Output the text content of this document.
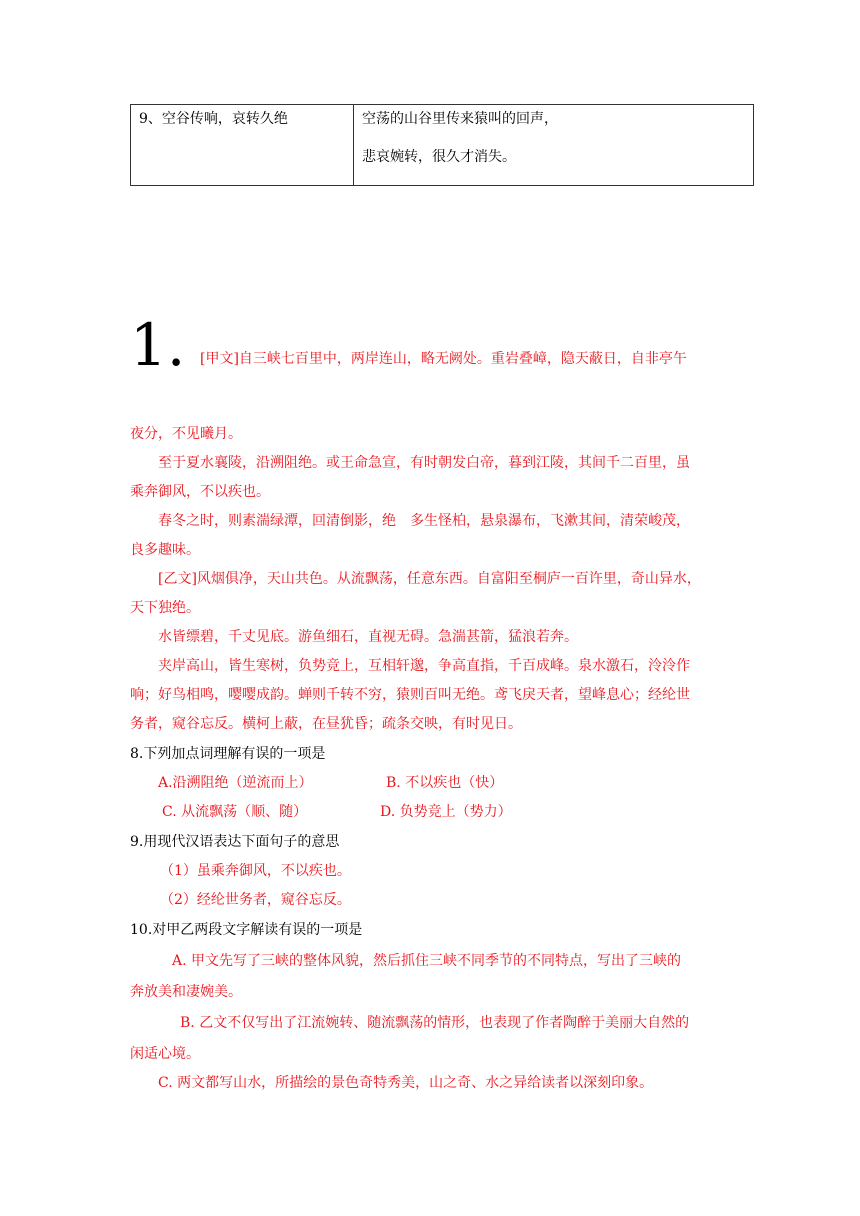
9、空谷传响，哀转久绝	空荡的山谷里传来猿叫的回声，
悲哀婉转，很久才消失。
1. [甲文]自三峡七百里中，两岸连山，略无阙处。重岩叠嶂，隐天蔽日，自非亭午
夜分，不见曦月。
至于夏水襄陵，沿溯阻绝。或王命急宣，有时朝发白帝，暮到江陵，其间千二百里，虽
乘奔御风，不以疾也。
春冬之时，则素湍绿潭，回清倒影，绝　多生怪柏，悬泉瀑布，飞漱其间，清荣峻茂，
良多趣味。
[乙文]风烟俱净，天山共色。从流飘荡，任意东西。自富阳至桐庐一百许里，奇山异水，
天下独绝。
水皆缥碧，千丈见底。游鱼细石，直视无碍。急湍甚箭，猛浪若奔。
夹岸高山，皆生寒树，负势竞上，互相轩邈，争高直指，千百成峰。泉水激石，泠泠作
响；好鸟相鸣，嘤嘤成韵。蝉则千转不穷，猿则百叫无绝。鸢飞戾天者，望峰息心；经纶世
务者，窥谷忘反。横柯上蔽，在昼犹昏；疏条交映，有时见日。
8.下列加点词理解有误的一项是
A.沿溯阻绝（逆流而上）	B. 不以疾也（快）
C. 从流飘荡（顺、随）	D. 负势竞上（势力）
9.用现代汉语表达下面句子的意思
（1）虽乘奔御风，不以疾也。
（2）经纶世务者，窥谷忘反。
10.对甲乙两段文字解读有误的一项是
A. 甲文先写了三峡的整体风貌，然后抓住三峡不同季节的不同特点，写出了三峡的
奔放美和凄婉美。
B. 乙文不仅写出了江流婉转、随流飘荡的情形，也表现了作者陶醉于美丽大自然的
闲适心境。
C. 两文都写山水，所描绘的景色奇特秀美，山之奇、水之异给读者以深刻印象。
